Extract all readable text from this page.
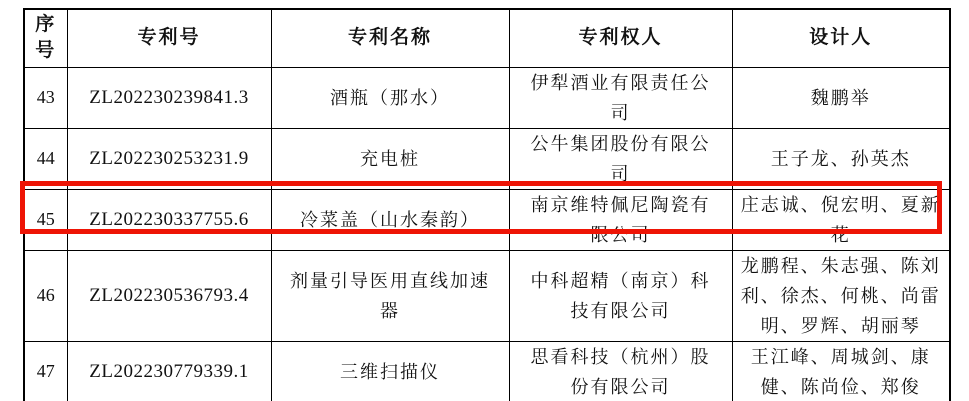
序号	专利号	专利名称	专利权人	设计人
43	ZL202230239841.3	酒瓶（那水）	伊犁酒业有限责任公司	魏鹏举
44	ZL202230253231.9	充电桩	公牛集团股份有限公司	王子龙、孙英杰
45	ZL202230337755.6	冷菜盖（山水秦韵）	南京维特佩尼陶瓷有限公司	庄志诚、倪宏明、夏新花
46	ZL202230536793.4	剂量引导医用直线加速器	中科超精（南京）科技有限公司	龙鹏程、朱志强、陈刘利、徐杰、何桃、尚雷明、罗辉、胡丽琴
47	ZL202230779339.1	三维扫描仪	思看科技（杭州）股份有限公司	王江峰、周城剑、康健、陈尚俭、郑俊
